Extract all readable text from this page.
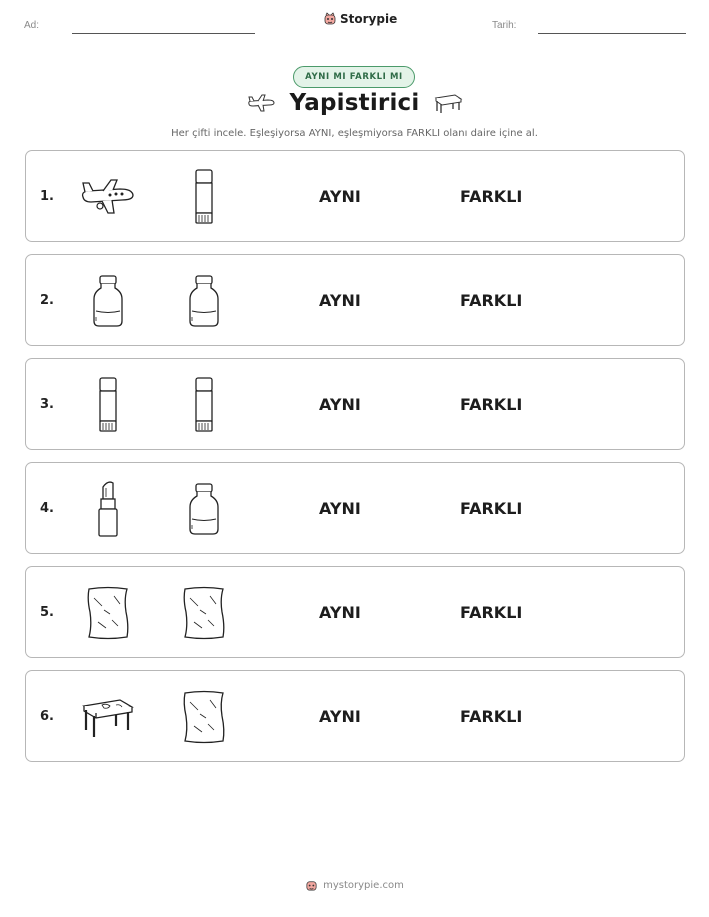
Ad:	Storypie	Tarih:
AYNI MI FARKLI MI
Yapistirici
Her çifti incele. Eşleşiyorsa AYNI, eşleşmiyorsa FARKLI olanı daire içine al.
1.	AYNI	FARKLI
2.	AYNI	FARKLI
3.	AYNI	FARKLI
4.	AYNI	FARKLI
5.	AYNI	FARKLI
6.	AYNI	FARKLI
mystorypie.com
